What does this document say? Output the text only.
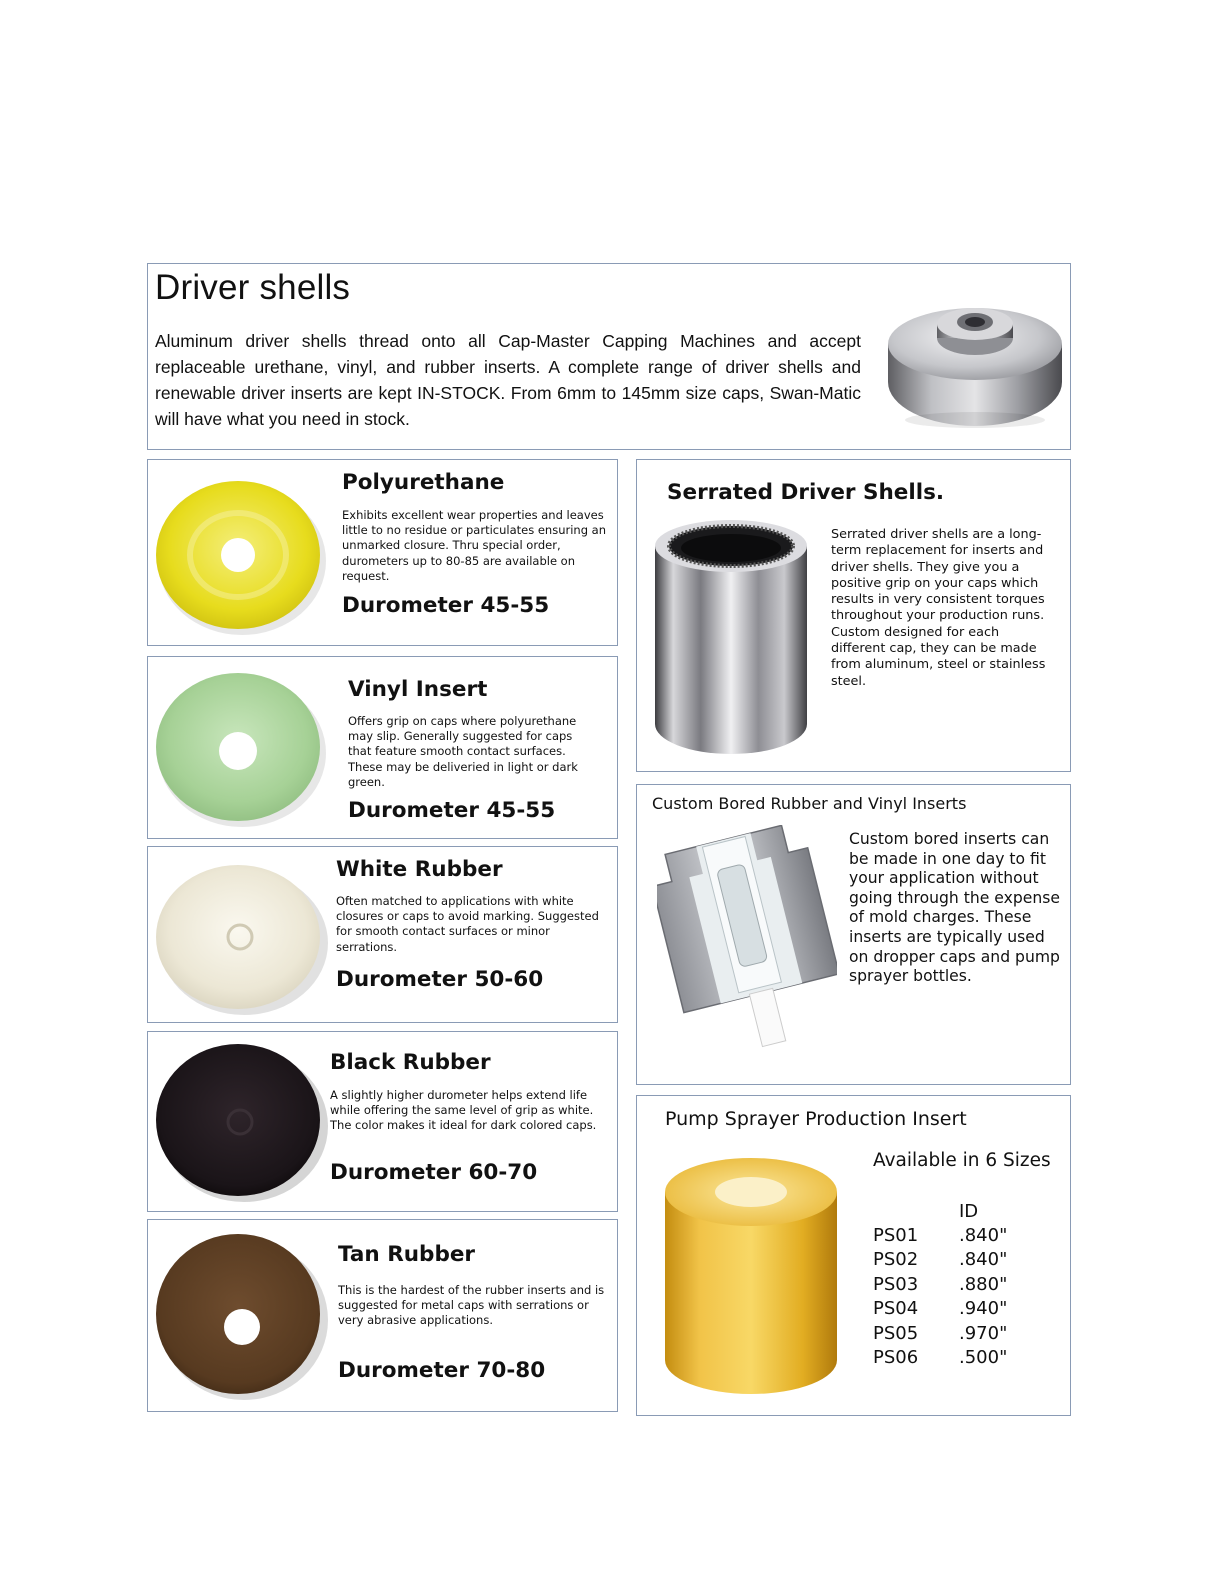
Driver shells

Aluminum driver shells thread onto all Cap-Master Capping Machines and accept replaceable urethane, vinyl, and rubber inserts. A complete range of driver shells and renewable driver inserts are kept IN-STOCK. From 6mm to 145mm size caps, Swan-Matic will have what you need in stock.

Polyurethane

Exhibits excellent wear properties and leaves little to no residue or particulates ensuring an unmarked closure. Thru special order, durometers up to 80-85 are available on request.

Durometer 45-55
Vinyl Insert

Offers grip on caps where polyurethane may slip. Generally suggested for caps that feature smooth contact surfaces. These may be deliveried in light or dark green.

Durometer 45-55
White Rubber

Often matched to applications with white closures or caps to avoid marking. Suggested for smooth contact surfaces or minor serrations.

Durometer 50-60
Black Rubber

A slightly higher durometer helps extend life while offering the same level of grip as white. The color makes it ideal for dark colored caps.

Durometer 60-70
Tan Rubber

This is the hardest of the rubber inserts and is suggested for metal caps with serrations or very abrasive applications.

Durometer 70-80
Serrated Driver Shells.

Serrated driver shells are a long-term replacement for inserts and driver shells. They give you a positive grip on your caps which results in very consistent torques throughout your production runs. Custom designed for each different cap, they can be made from aluminum, steel or stainless steel.

Custom Bored Rubber and Vinyl Inserts

Custom bored inserts can be made in one day to fit your application without going through the expense of mold charges. These inserts are typically used on dropper caps and pump sprayer bottles.

Pump Sprayer Production Insert

Available in 6 Sizes

	ID
PS01	.840"
PS02	.840"
PS03	.880"
PS04	.940"
PS05	.970"
PS06	.500"
